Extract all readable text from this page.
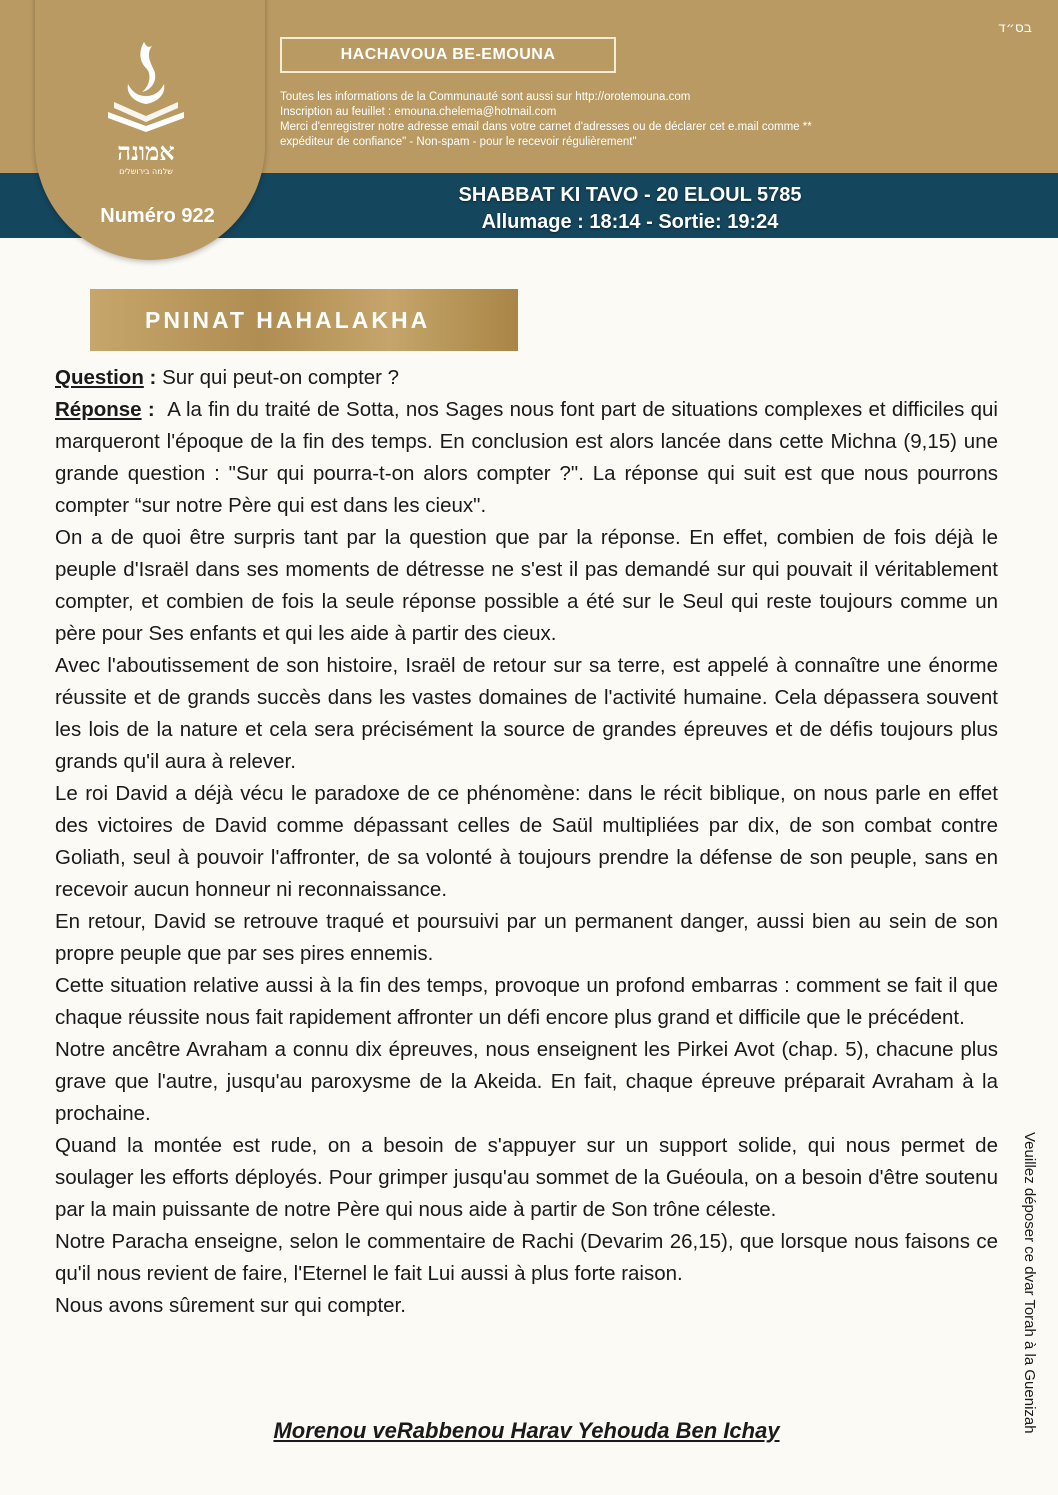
אמונה
שלמה בירושלים
Numéro 922
בס״ד
HACHAVOUA BE-EMOUNA
Toutes les informations de la Communauté sont aussi sur http://orotemouna.com
Inscription au feuillet : emouna.chelema@hotmail.com
Merci d'enregistrer notre adresse email dans votre carnet d'adresses ou de déclarer cet e.mail comme **
expéditeur de confiance" - Non-spam - pour le recevoir régulièrement"
SHABBAT KI TAVO - 20 ELOUL 5785
Allumage : 18:14 - Sortie: 19:24
PNINAT HAHALAKHA

Question : Sur qui peut-on compter ?

Réponse :  A la fin du traité de Sotta, nos Sages nous font part de situations complexes et difficiles qui marqueront l'époque de la fin des temps. En conclusion est alors lancée dans cette Michna (9,15) une grande question : "Sur qui pourra-t-on alors compter ?". La réponse qui suit est que nous pourrons compter “sur notre Père qui est dans les cieux".

On a de quoi être surpris tant par la question que par la réponse. En effet, combien de fois déjà le peuple d'Israël dans ses moments de détresse ne s'est il pas demandé sur qui pouvait il véritablement compter, et combien de fois la seule réponse possible a été sur le Seul qui reste toujours comme un père pour Ses enfants et qui les aide à partir des cieux.

Avec l'aboutissement de son histoire, Israël de retour sur sa terre, est appelé à connaître une énorme réussite et de grands succès dans les vastes domaines de l'activité humaine. Cela dépassera souvent les lois de la nature et cela sera précisément la source de grandes épreuves et de défis toujours plus grands qu'il aura à relever.

Le roi David a déjà vécu le paradoxe de ce phénomène: dans le récit biblique, on nous parle en effet des victoires de David comme dépassant celles de Saül multipliées par dix, de son combat contre Goliath, seul à pouvoir l'affronter, de sa volonté à toujours prendre la défense de son peuple, sans en recevoir aucun honneur ni reconnaissance.

En retour, David se retrouve traqué et poursuivi par un permanent danger, aussi bien au sein de son propre peuple que par ses pires ennemis.

Cette situation relative aussi à la fin des temps, provoque un profond embarras : comment se fait il que chaque réussite nous fait rapidement affronter un défi encore plus grand et difficile que le précédent.

Notre ancêtre Avraham a connu dix épreuves, nous enseignent les Pirkei Avot (chap. 5), chacune plus grave que l'autre, jusqu'au paroxysme de la Akeida. En fait, chaque épreuve préparait Avraham à la prochaine.

Quand la montée est rude, on a besoin de s'appuyer sur un support solide, qui nous permet de soulager les efforts déployés. Pour grimper jusqu'au sommet de la Guéoula, on a besoin d'être soutenu par la main puissante de notre Père qui nous aide à partir de Son trône céleste.

Notre Paracha enseigne, selon le commentaire de Rachi (Devarim 26,15), que lorsque nous faisons ce qu'il nous revient de faire, l'Eternel le fait Lui aussi à plus forte raison.

Nous avons sûrement sur qui compter.

Morenou veRabbenou Harav Yehouda Ben Ichay	Veuillez déposer ce dvar Torah à la Guenizah
